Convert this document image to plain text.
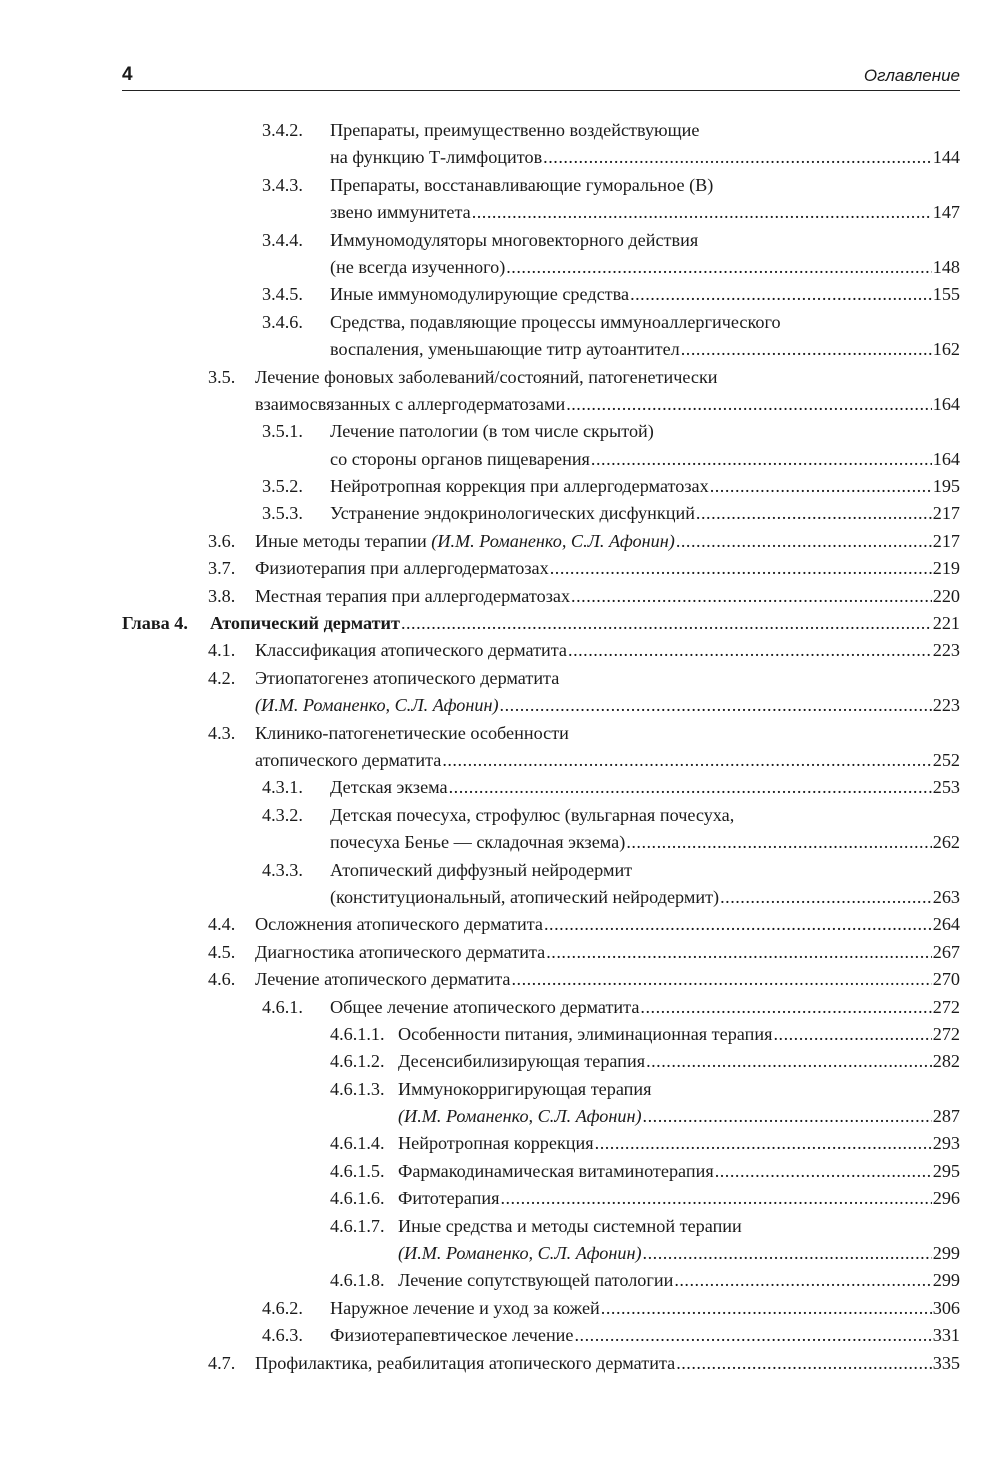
4	Оглавление
3.4.2. Препараты, преимущественно воздействующие
на функцию Т-лимфоцитов .....	144
3.4.3. Препараты, восстанавливающие гуморальное (В)
звено иммунитета .....	147
3.4.4. Иммуномодуляторы многовекторного действия
(не всегда изученного) .....	148
3.4.5. Иные иммуномодулирующие средства .....	155
3.4.6. Средства, подавляющие процессы иммуноаллергического
воспаления, уменьшающие титр аутоантител .....	162
3.5. Лечение фоновых заболеваний/состояний, патогенетически
взаимосвязанных с аллергодерматозами .....	164
3.5.1. Лечение патологии (в том числе скрытой)
со стороны органов пищеварения .....	164
3.5.2. Нейротропная коррекция при аллергодерматозах .....	195
3.5.3. Устранение эндокринологических дисфункций .....	217
3.6. Иные методы терапии
(И.М. Романенко, С.Л. Афонин) .....	217
3.7. Физиотерапия при аллергодерматозах .....	219
3.8. Местная терапия при аллергодерматозах .....	220
Глава 4. Атопический дерматит .....	221
4.1. Классификация атопического дерматита .....	223
4.2. Этиопатогенез атопического дерматита
(И.М. Романенко, С.Л. Афонин) .....	223
4.3. Клинико-патогенетические особенности
атопического дерматита .....	252
4.3.1. Детская экзема .....	253
4.3.2. Детская почесуха, строфулюс (вульгарная почесуха,
почесуха Бенье — складочная экзема) .....	262
4.3.3. Атопический диффузный нейродермит
(конституциональный, атопический нейродермит) .....	263
4.4. Осложнения атопического дерматита .....	264
4.5. Диагностика атопического дерматита .....	267
4.6. Лечение атопического дерматита .....	270
4.6.1. Общее лечение атопического дерматита .....	272
4.6.1.1. Особенности питания, элиминационная терапия .....	272
4.6.1.2. Десенсибилизирующая терапия .....	282
4.6.1.3. Иммунокорригирующая терапия
(И.М. Романенко, С.Л. Афонин) .....	287
4.6.1.4. Нейротропная коррекция .....	293
4.6.1.5. Фармакодинамическая витаминотерапия .....	295
4.6.1.6. Фитотерапия .....	296
4.6.1.7. Иные средства и методы системной терапии
(И.М. Романенко, С.Л. Афонин) .....	299
4.6.1.8. Лечение сопутствующей патологии .....	299
4.6.2. Наружное лечение и уход за кожей .....	306
4.6.3. Физиотерапевтическое лечение .....	331
4.7. Профилактика, реабилитация атопического дерматита .....	335
